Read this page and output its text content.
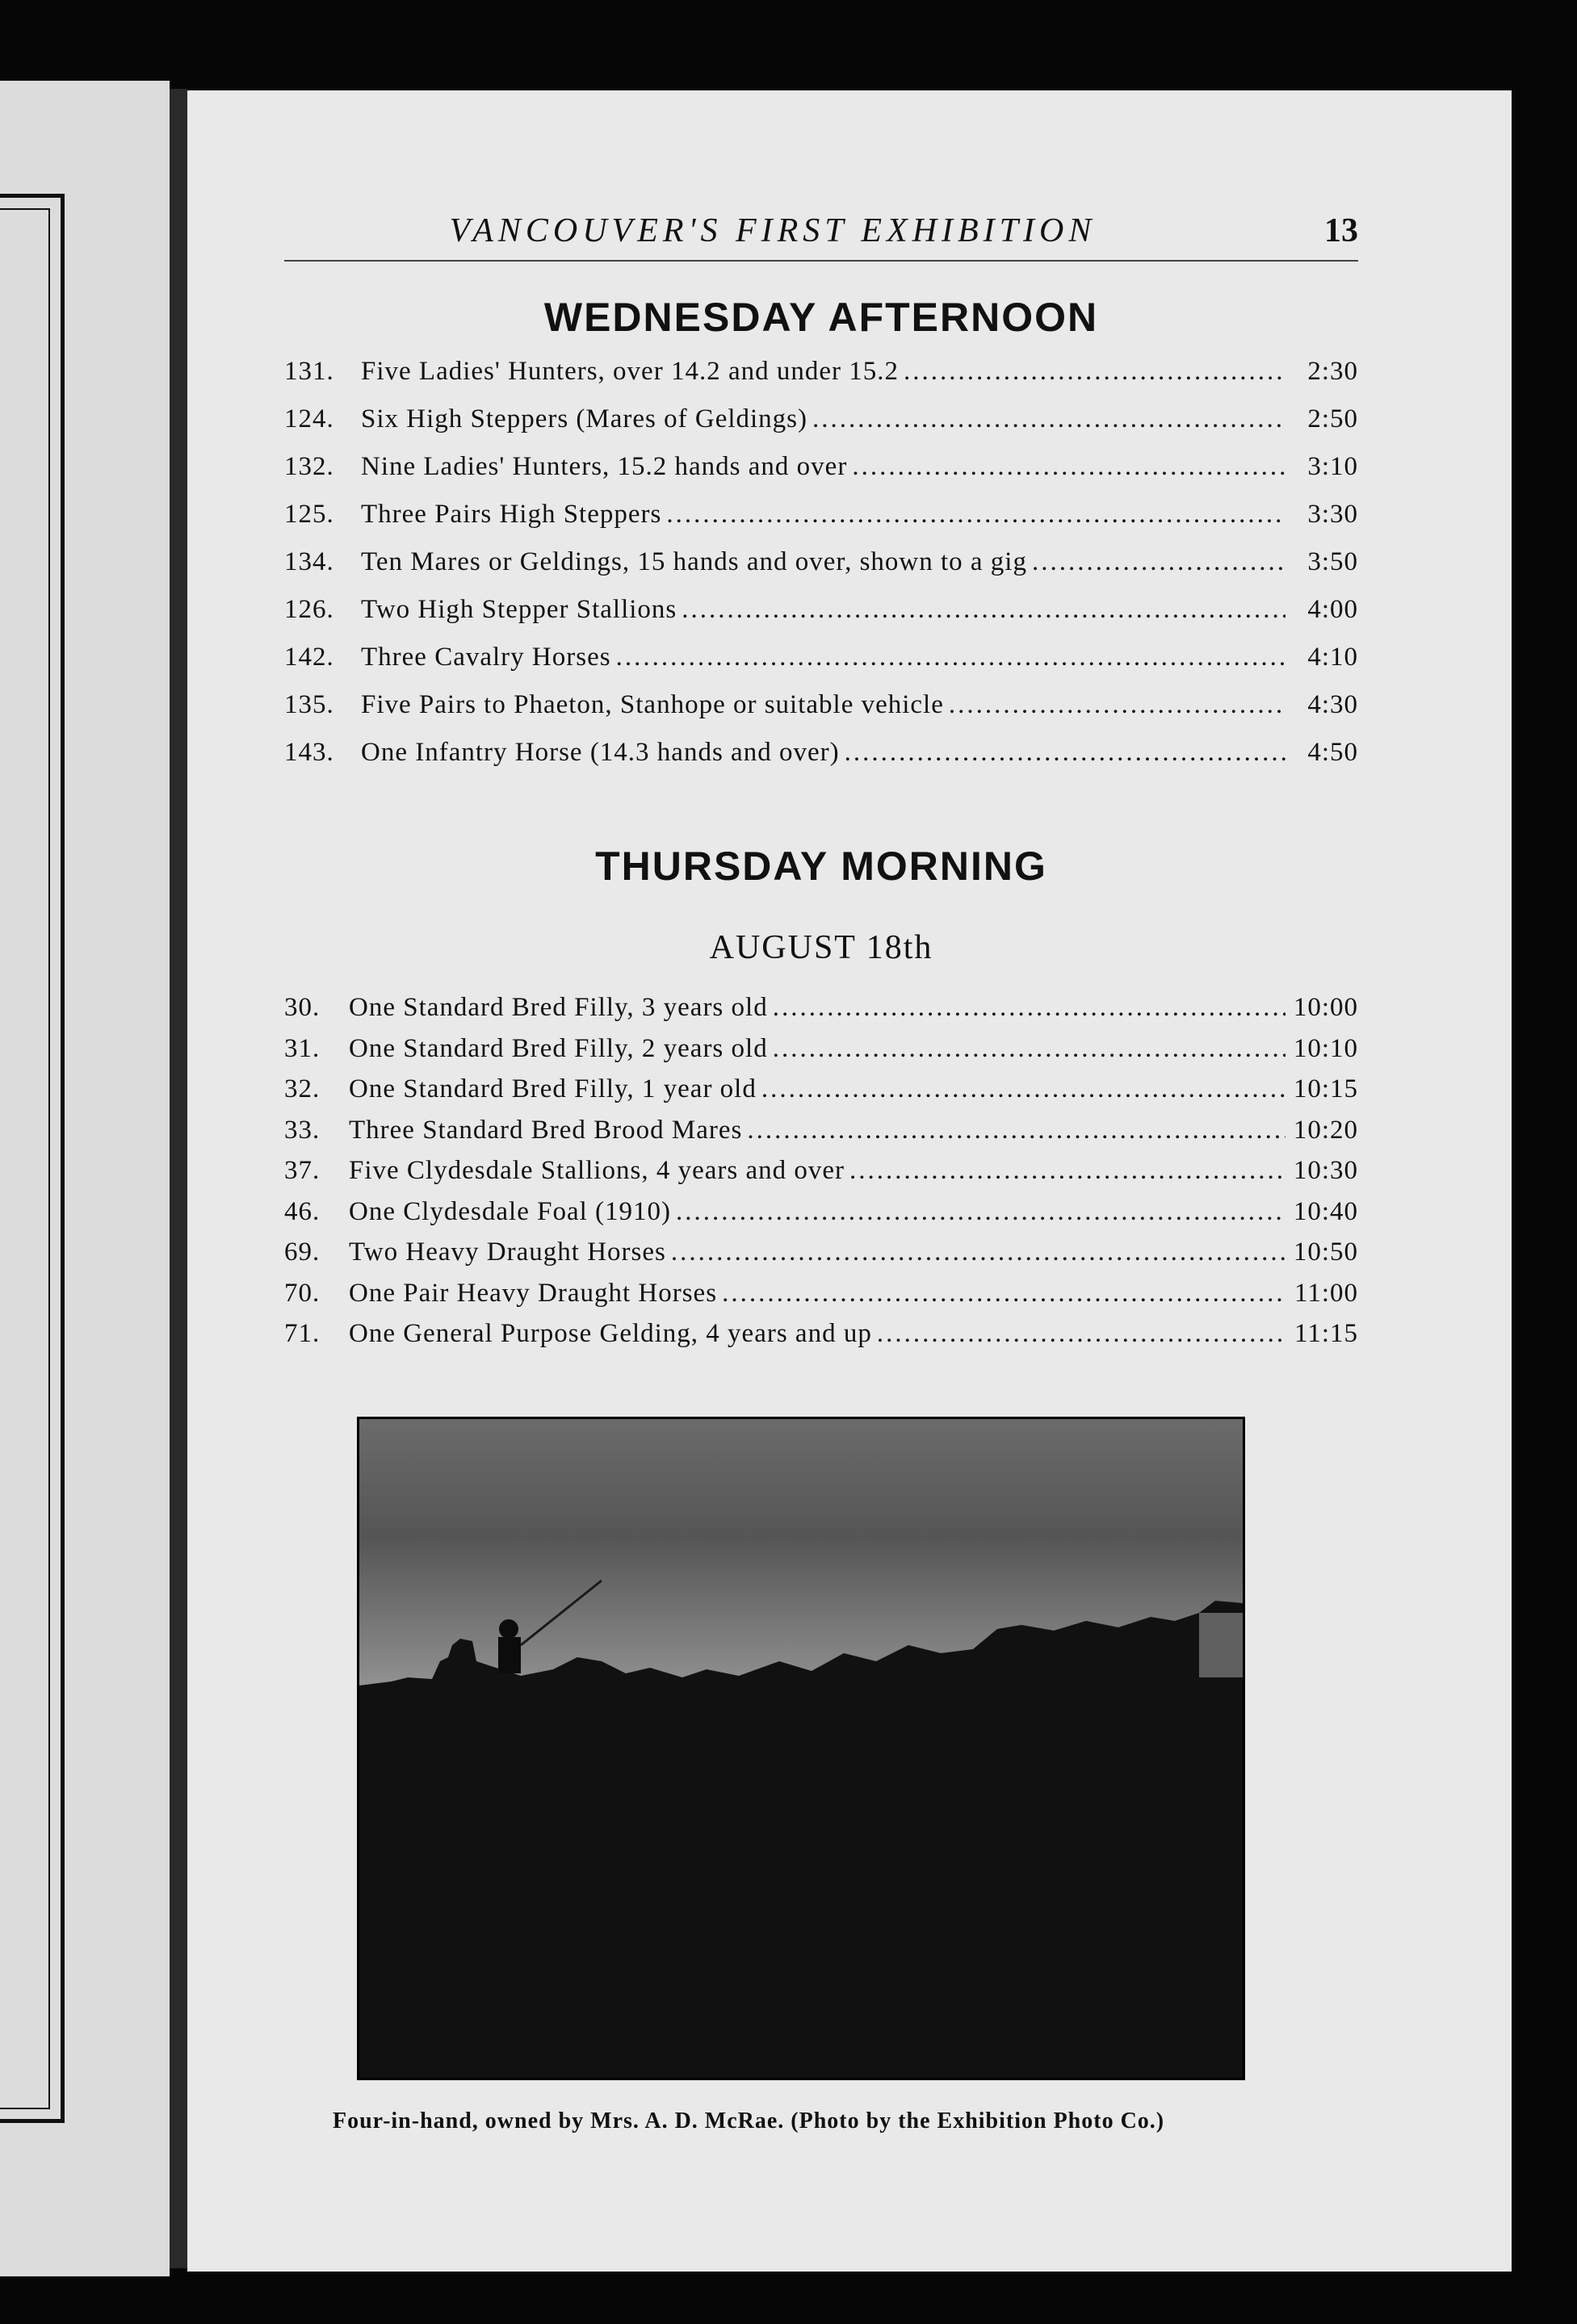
VANCOUVER'S FIRST EXHIBITION	13
WEDNESDAY AFTERNOON
131.	Five Ladies' Hunters, over 14.2 and under 15.2 .....	2:30
124.	Six High Steppers (Mares of Geldings) .....	2:50
132.	Nine Ladies' Hunters, 15.2 hands and over .....	3:10
125.	Three Pairs High Steppers .....	3:30
134.	Ten Mares or Geldings, 15 hands and over, shown to a gig .....	3:50
126.	Two High Stepper Stallions .....	4:00
142.	Three Cavalry Horses .....	4:10
135.	Five Pairs to Phaeton, Stanhope or suitable vehicle .....	4:30
143.	One Infantry Horse (14.3 hands and over) .....	4:50
THURSDAY MORNING
AUGUST 18th
30.	One Standard Bred Filly, 3 years old .....	10:00
31.	One Standard Bred Filly, 2 years old .....	10:10
32.	One Standard Bred Filly, 1 year old .....	10:15
33.	Three Standard Bred Brood Mares .....	10:20
37.	Five Clydesdale Stallions, 4 years and over .....	10:30
46.	One Clydesdale Foal (1910) .....	10:40
69.	Two Heavy Draught Horses .....	10:50
70.	One Pair Heavy Draught Horses .....	11:00
71.	One General Purpose Gelding, 4 years and up .....	11:15
Four-in-hand, owned by Mrs. A. D. McRae. (Photo by the Exhibition Photo Co.)
